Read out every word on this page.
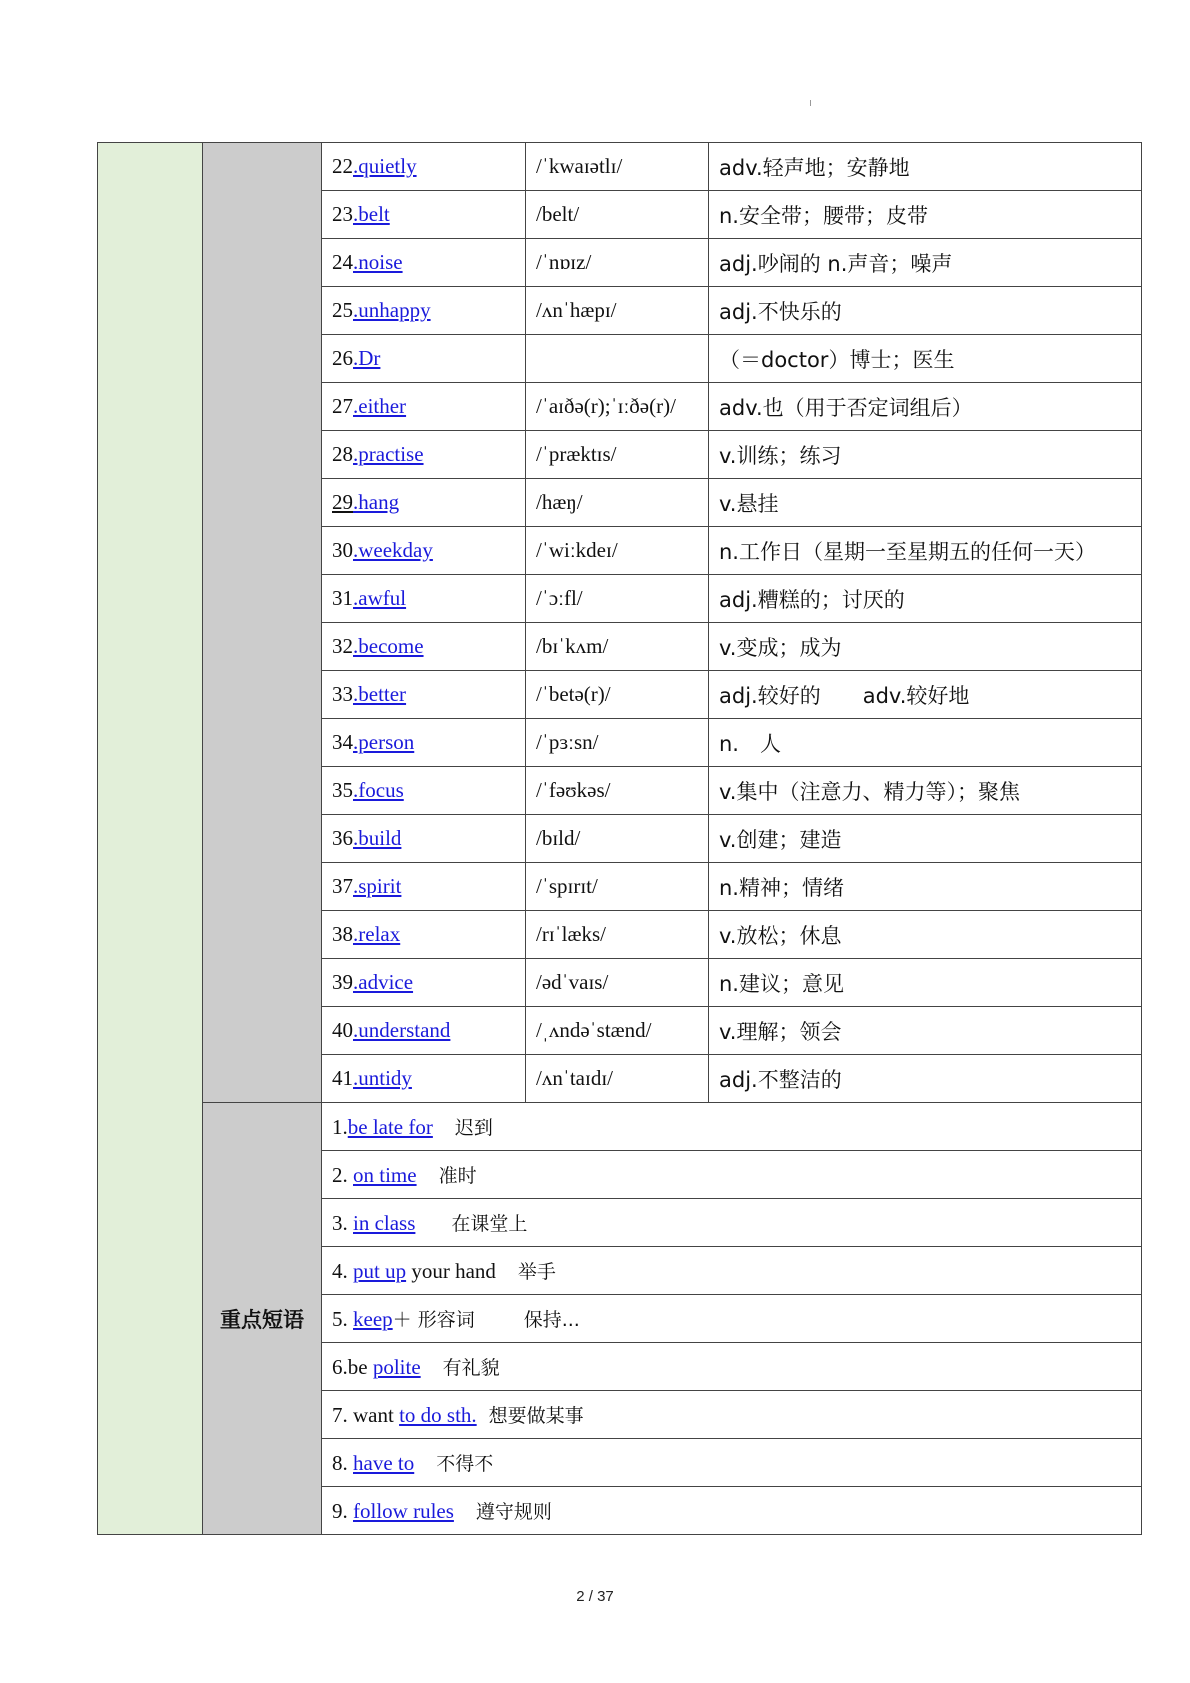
		22.quietly	/ˈkwaɪətlɪ/	adv.轻声地；安静地
		23.belt	/belt/	n.安全带；腰带；皮带
		24.noise	/ˈnɒɪz/	adj.吵闹的 n.声音；噪声
		25.unhappy	/ʌnˈhæpɪ/	adj.不快乐的
		26.Dr		（＝doctor）博士；医生
		27.either	/ˈaɪðə(r);ˈɪːðə(r)/	adv.也（用于否定词组后）
		28.practise	/ˈpræktɪs/	v.训练；练习
		29.hang	/hæŋ/	v.悬挂
		30.weekday	/ˈwiːkdeɪ/	n.工作日（星期一至星期五的任何一天）
		31.awful	/ˈɔːfl/	adj.糟糕的；讨厌的
		32.become	/bɪˈkʌm/	v.变成；成为
		33.better	/ˈbetə(r)/	adj.较好的　　adv.较好地
		34.person	/ˈpɜːsn/	n.　人
		35.focus	/ˈfəʊkəs/	v.集中（注意力、精力等）；聚焦
		36.build	/bɪld/	v.创建；建造
		37.spirit	/ˈspɪrɪt/	n.精神；情绪
		38.relax	/rɪˈlæks/	v.放松；休息
		39.advice	/ədˈvaɪs/	n.建议；意见
		40.understand	/ˌʌndəˈstænd/	v.理解；领会
		41.untidy	/ʌnˈtaɪdɪ/	adj.不整洁的
	重点短语	1.be late for 迟到		
		2. on time 准时		
		3. in class 在课堂上		
		4. put up your hand 举手		
		5. keep＋ 形容词　保持...		
		6.be polite 有礼貌		
		7. want to do sth. 想要做某事		
		8. have to 不得不		
		9. follow rules 遵守规则		
2 / 37
